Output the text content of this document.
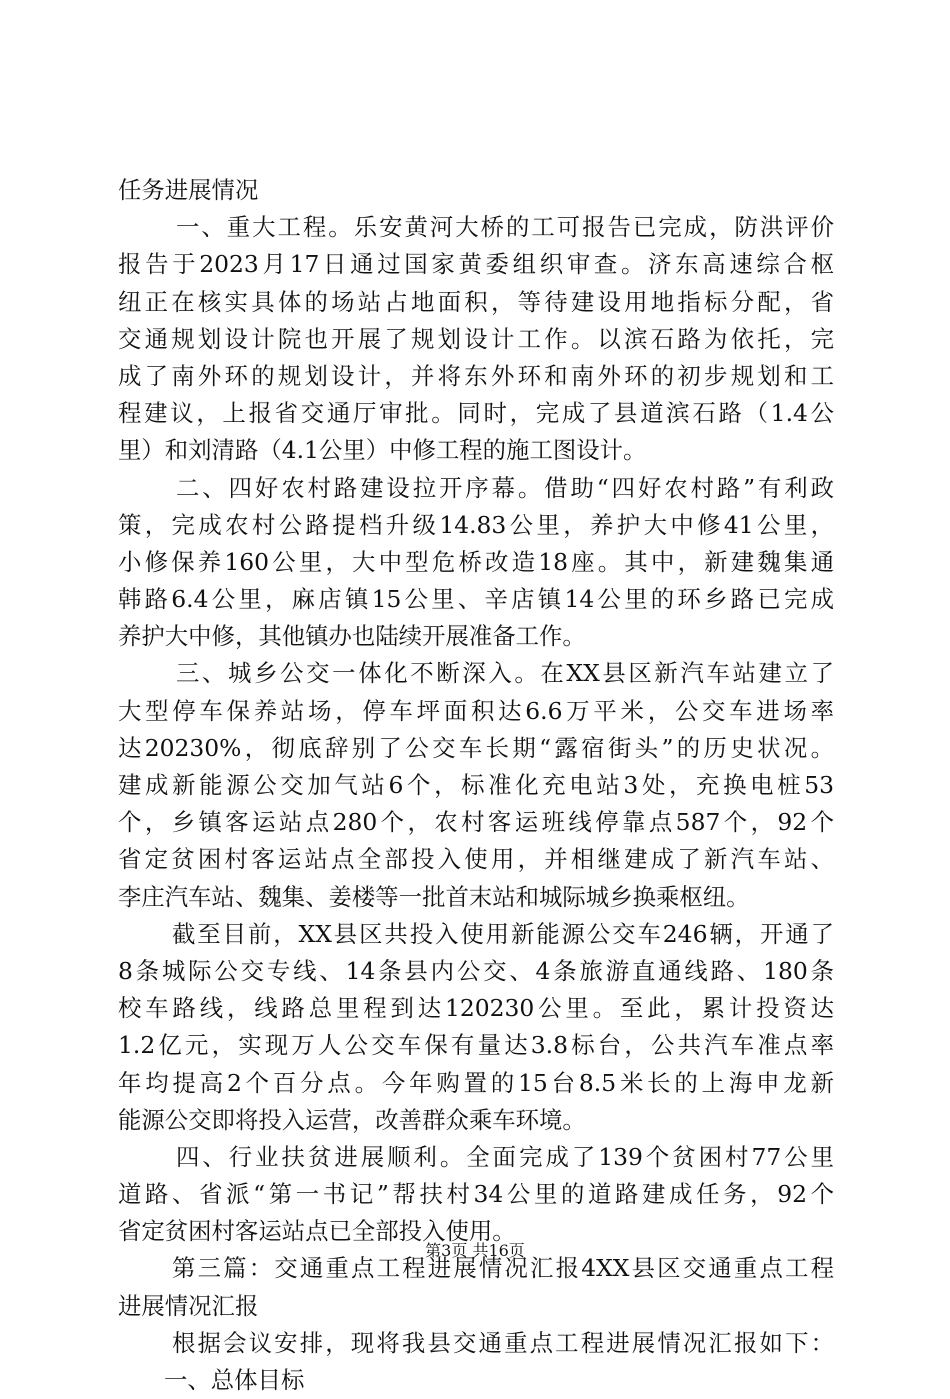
任务进展情况
一、重大工程。乐安黄河大桥的工可报告已完成，防洪评价
报告于2023月17日通过国家黄委组织审查。济东高速综合枢
纽正在核实具体的场站占地面积，等待建设用地指标分配，省
交通规划设计院也开展了规划设计工作。以滨石路为依托，完
成了南外环的规划设计，并将东外环和南外环的初步规划和工
程建议，上报省交通厅审批。同时，完成了县道滨石路（1.4公
里）和刘清路（4.1公里）中修工程的施工图设计。
二、四好农村路建设拉开序幕。借助“四好农村路”有利政
策，完成农村公路提档升级14.83公里，养护大中修41公里，
小修保养160公里，大中型危桥改造18座。其中，新建魏集通
韩路6.4公里，麻店镇15公里、辛店镇14公里的环乡路已完成
养护大中修，其他镇办也陆续开展准备工作。
三、城乡公交一体化不断深入。在XX县区新汽车站建立了
大型停车保养站场，停车坪面积达6.6万平米，公交车进场率
达20230%，彻底辞别了公交车长期“露宿街头”的历史状况。
建成新能源公交加气站6个，标准化充电站3处，充换电桩53
个，乡镇客运站点280个，农村客运班线停靠点587个，92个
省定贫困村客运站点全部投入使用，并相继建成了新汽车站、
李庄汽车站、魏集、姜楼等一批首末站和城际城乡换乘枢纽。
截至目前，XX县区共投入使用新能源公交车246辆，开通了
8条城际公交专线、14条县内公交、4条旅游直通线路、180条
校车路线，线路总里程到达120230公里。至此，累计投资达
1.2亿元，实现万人公交车保有量达3.8标台，公共汽车准点率
年均提高2个百分点。今年购置的15台8.5米长的上海申龙新
能源公交即将投入运营，改善群众乘车环境。
四、行业扶贫进展顺利。全面完成了139个贫困村77公里
道路、省派“第一书记”帮扶村34公里的道路建成任务，92个
省定贫困村客运站点已全部投入使用。
第三篇：交通重点工程进展情况汇报4XX县区交通重点工程
进展情况汇报
根据会议安排，现将我县交通重点工程进展情况汇报如下：
一、总体目标
第3页 共16页
